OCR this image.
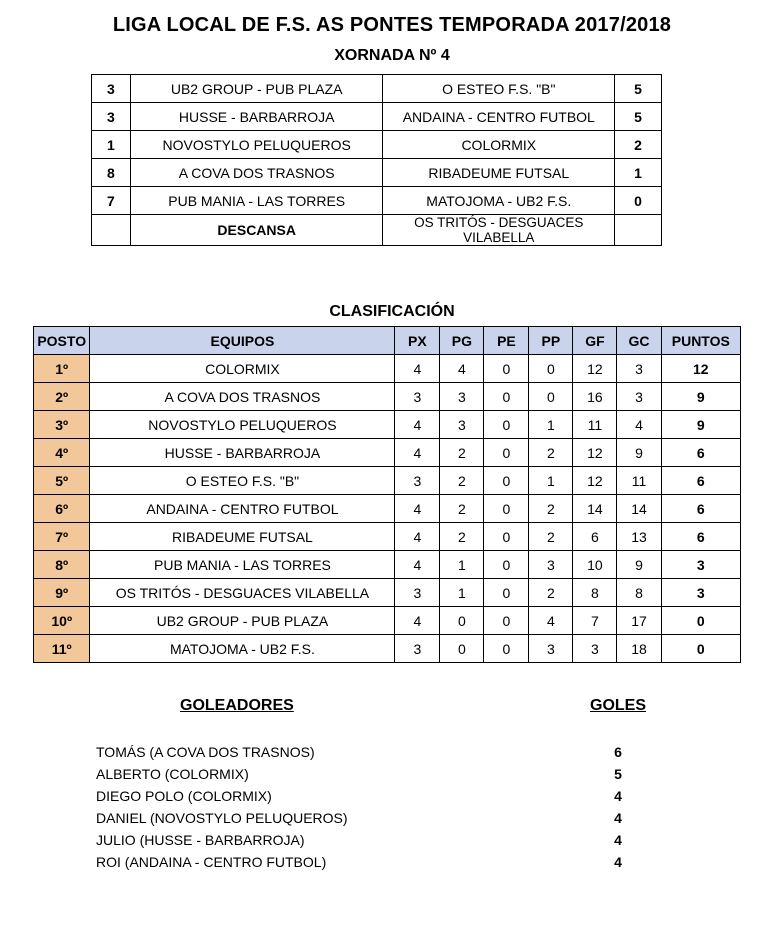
LIGA LOCAL DE F.S. AS PONTES TEMPORADA 2017/2018
XORNADA Nº 4
3	UB2 GROUP - PUB PLAZA	O ESTEO F.S. "B"	5
3	HUSSE - BARBARROJA	ANDAINA - CENTRO FUTBOL	5
1	NOVOSTYLO PELUQUEROS	COLORMIX	2
8	A COVA DOS TRASNOS	RIBADEUME FUTSAL	1
7	PUB MANIA - LAS TORRES	MATOJOMA - UB2 F.S.	0
	DESCANSA	OS TRITÓS - DESGUACES VILABELLA	
CLASIFICACIÓN
POSTO	EQUIPOS	PX	PG	PE	PP	GF	GC	PUNTOS
1º	COLORMIX	4	4	0	0	12	3	12
2º	A COVA DOS TRASNOS	3	3	0	0	16	3	9
3º	NOVOSTYLO PELUQUEROS	4	3	0	1	11	4	9
4º	HUSSE - BARBARROJA	4	2	0	2	12	9	6
5º	O ESTEO F.S. "B"	3	2	0	1	12	11	6
6º	ANDAINA - CENTRO FUTBOL	4	2	0	2	14	14	6
7º	RIBADEUME FUTSAL	4	2	0	2	6	13	6
8º	PUB MANIA - LAS TORRES	4	1	0	3	10	9	3
9º	OS TRITÓS - DESGUACES VILABELLA	3	1	0	2	8	8	3
10º	UB2 GROUP - PUB PLAZA	4	0	0	4	7	17	0
11º	MATOJOMA - UB2 F.S.	3	0	0	3	3	18	0
GOLEADORES	GOLES
TOMÁS (A COVA DOS TRASNOS)	6
ALBERTO (COLORMIX)	5
DIEGO POLO (COLORMIX)	4
DANIEL (NOVOSTYLO PELUQUEROS)	4
JULIO (HUSSE - BARBARROJA)	4
ROI (ANDAINA - CENTRO FUTBOL)	4
